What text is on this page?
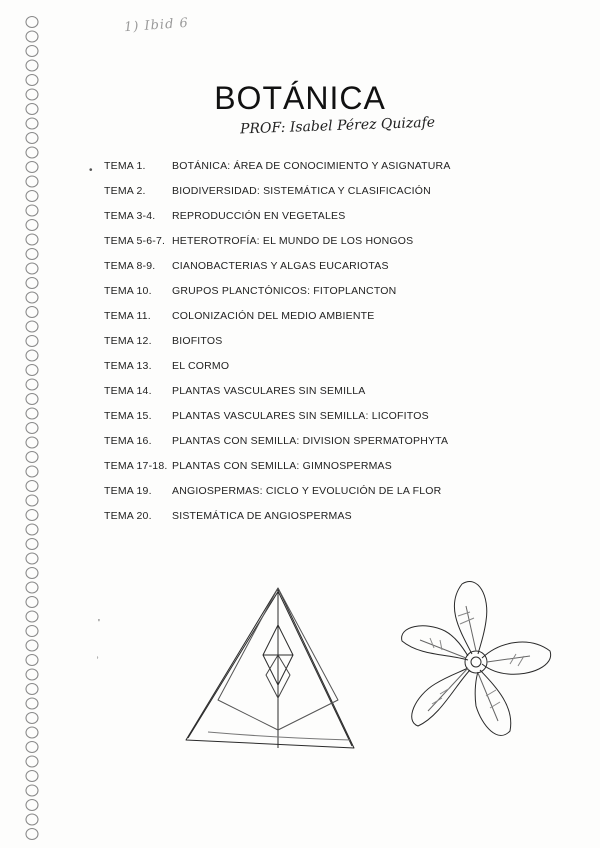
1) Ibid 6
BOTÁNICA
PROF: Isabel Pérez Quizafe
• TEMA 1.	BOTÁNICA: ÁREA DE CONOCIMIENTO Y ASIGNATURA
TEMA 2.	BIODIVERSIDAD: SISTEMÁTICA Y CLASIFICACIÓN
TEMA 3-4. REPRODUCCIÓN EN VEGETALES
TEMA 5-6-7. HETEROTROFÍA: EL MUNDO DE LOS HONGOS
TEMA 8-9. CIANOBACTERIAS Y ALGAS EUCARIOTAS
TEMA 10. GRUPOS PLANCTÓNICOS: FITOPLANCTON
TEMA 11. COLONIZACIÓN DEL MEDIO AMBIENTE
TEMA 12. BIOFITOS
TEMA 13. EL CORMO
TEMA 14. PLANTAS VASCULARES SIN SEMILLA
TEMA 15. PLANTAS VASCULARES SIN SEMILLA: LICOFITOS
TEMA 16. PLANTAS CON SEMILLA: DIVISION SPERMATOPHYTA
TEMA 17-18. PLANTAS CON SEMILLA: GIMNOSPERMAS
TEMA 19. ANGIOSPERMAS: CICLO Y EVOLUCIÓN DE LA FLOR
TEMA 20. SISTEMÁTICA DE ANGIOSPERMAS
'
ʾ
